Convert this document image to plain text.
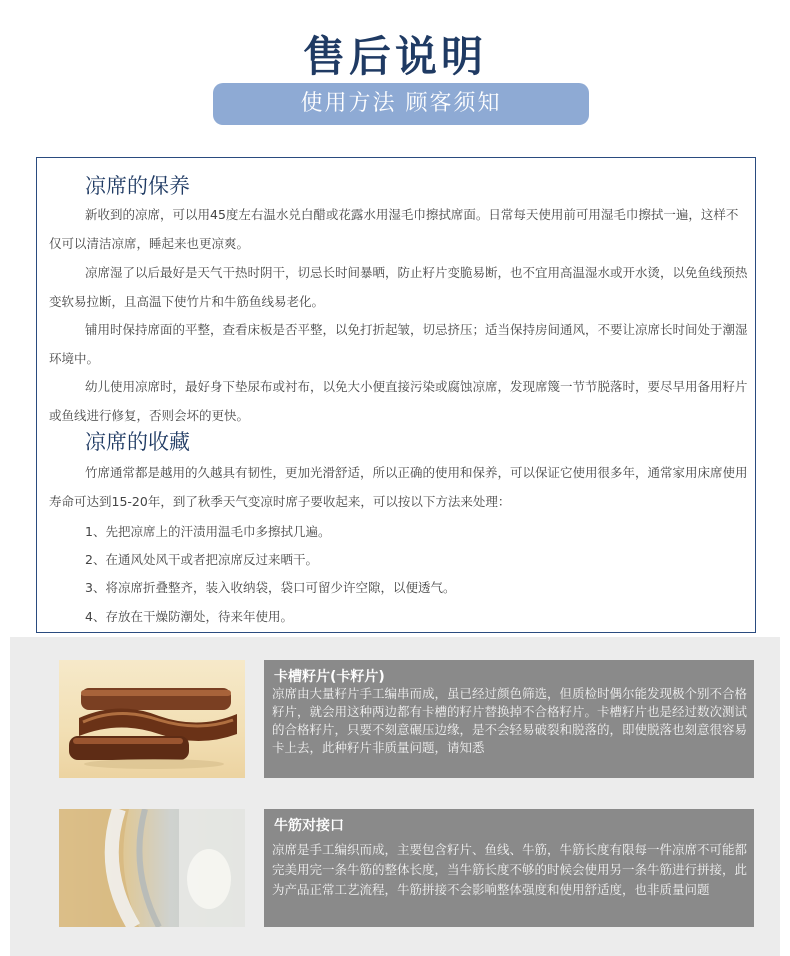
售后说明
使用方法 顾客须知
凉席的保养
新收到的凉席，可以用45度左右温水兑白醋或花露水用湿毛巾擦拭席面。日常每天使用前可用湿毛巾擦拭一遍，这样不仅可以清洁凉席，睡起来也更凉爽。
凉席湿了以后最好是天气干热时阴干，切忌长时间暴晒，防止籽片变脆易断，也不宜用高温湿水或开水烫，以免鱼线预热变软易拉断，且高温下使竹片和牛筋鱼线易老化。
铺用时保持席面的平整，查看床板是否平整，以免打折起皱，切忌挤压；适当保持房间通风，不要让凉席长时间处于潮湿环境中。
幼儿使用凉席时，最好身下垫尿布或衬布，以免大小便直接污染或腐蚀凉席，发现席篾一节节脱落时，要尽早用备用籽片或鱼线进行修复，否则会坏的更快。
凉席的收藏
竹席通常都是越用的久越具有韧性，更加光滑舒适，所以正确的使用和保养，可以保证它使用很多年，通常家用床席使用寿命可达到15-20年，到了秋季天气变凉时席子要收起来，可以按以下方法来处理：
1、先把凉席上的汗渍用温毛巾多擦拭几遍。
2、在通风处风干或者把凉席反过来晒干。
3、将凉席折叠整齐，装入收纳袋，袋口可留少许空隙，以便透气。
4、存放在干燥防潮处，待来年使用。
卡槽籽片(卡籽片)
凉席由大量籽片手工编串而成，虽已经过颜色筛选，但质检时偶尔能发现极个别不合格籽片，就会用这种两边都有卡槽的籽片替换掉不合格籽片。卡槽籽片也是经过数次测试的合格籽片，只要不刻意碾压边缘，是不会轻易破裂和脱落的，即使脱落也刻意很容易卡上去，此种籽片非质量问题，请知悉
牛筋对接口
凉席是手工编织而成，主要包含籽片、鱼线、牛筋，牛筋长度有限每一件凉席不可能都完美用完一条牛筋的整体长度，当牛筋长度不够的时候会使用另一条牛筋进行拼接，此为产品正常工艺流程，牛筋拼接不会影响整体强度和使用舒适度，也非质量问题
